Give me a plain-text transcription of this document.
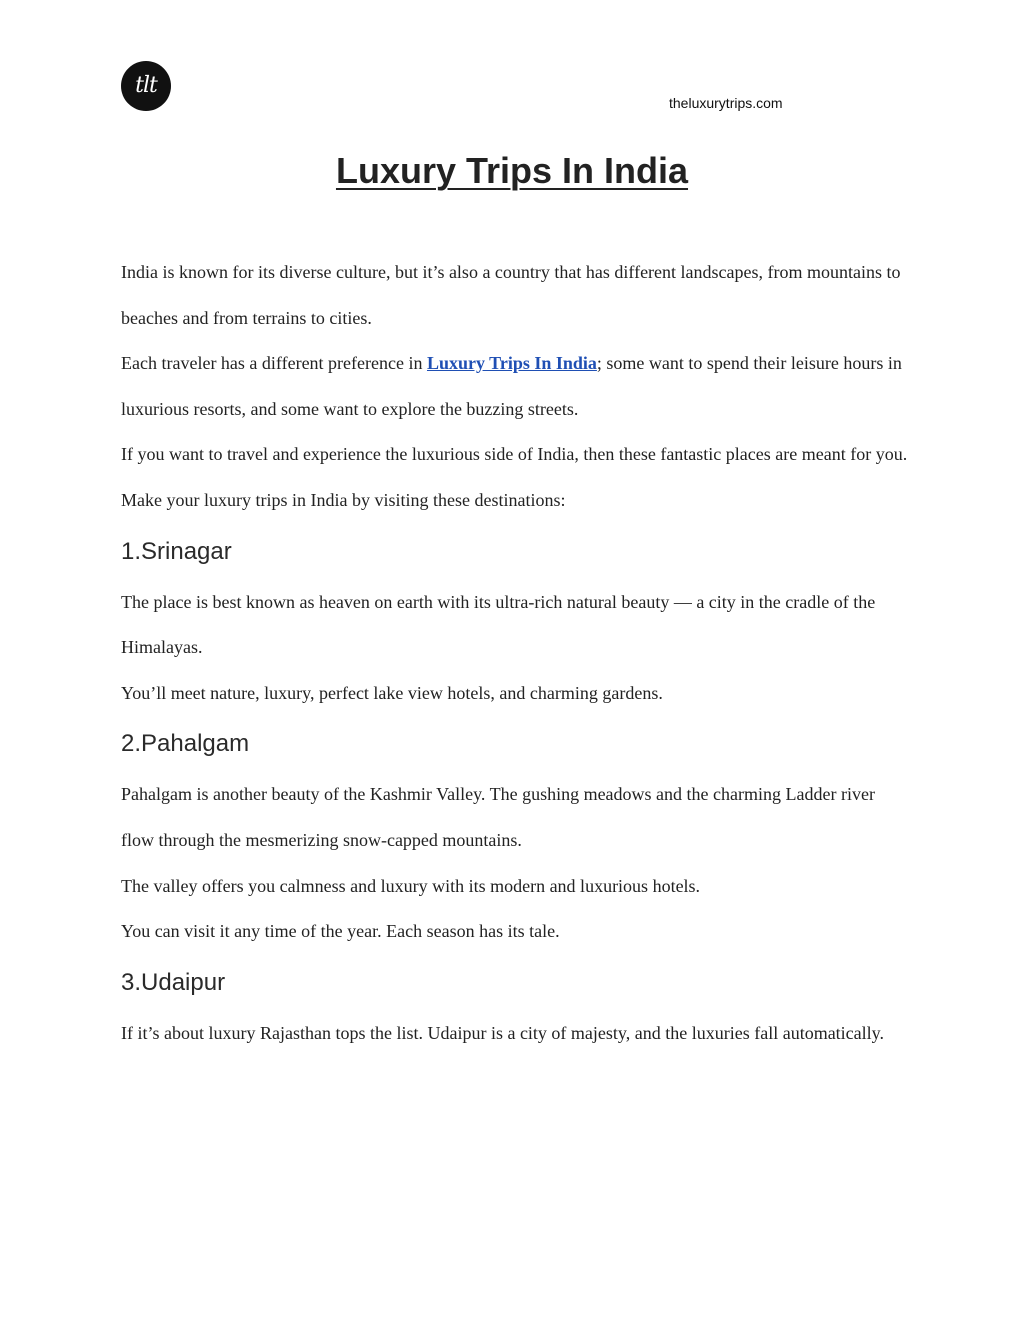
tlt
theluxurytrips.com
Luxury Trips In India

India is known for its diverse culture, but it’s also a country that has different landscapes, from mountains to beaches and from terrains to cities.

Each traveler has a different preference in Luxury Trips In India; some want to spend their leisure hours in luxurious resorts, and some want to explore the buzzing streets.

If you want to travel and experience the luxurious side of India, then these fantastic places are meant for you.

Make your luxury trips in India by visiting these destinations:

1.Srinagar

The place is best known as heaven on earth with its ultra-rich natural beauty — a city in the cradle of the Himalayas.

You’ll meet nature, luxury, perfect lake view hotels, and charming gardens.

2.Pahalgam

Pahalgam is another beauty of the Kashmir Valley. The gushing meadows and the charming Ladder river flow through the mesmerizing snow-capped mountains.

The valley offers you calmness and luxury with its modern and luxurious hotels.

You can visit it any time of the year. Each season has its tale.

3.Udaipur

If it’s about luxury Rajasthan tops the list. Udaipur is a city of majesty, and the luxuries fall automatically.
